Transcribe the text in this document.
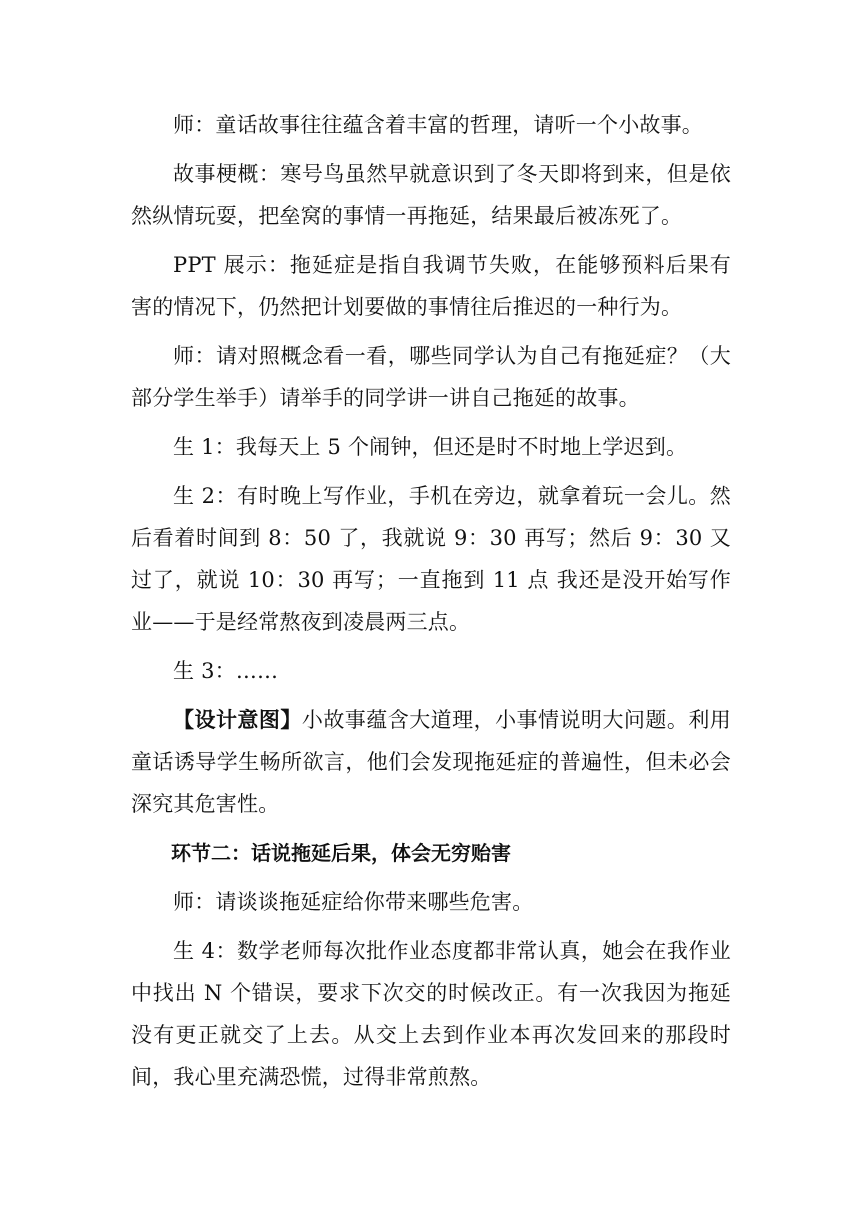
师：童话故事往往蕴含着丰富的哲理，请听一个小故事。

故事梗概：寒号鸟虽然早就意识到了冬天即将到来，但是依然纵情玩耍，把垒窝的事情一再拖延，结果最后被冻死了。

PPT 展示：拖延症是指自我调节失败，在能够预料后果有害的情况下，仍然把计划要做的事情往后推迟的一种行为。

师：请对照概念看一看，哪些同学认为自己有拖延症？（大部分学生举手）请举手的同学讲一讲自己拖延的故事。

生 1：我每天上 5 个闹钟，但还是时不时地上学迟到。

生 2：有时晚上写作业，手机在旁边，就拿着玩一会儿。然后看着时间到 8：50 了，我就说 9：30 再写；然后 9：30 又过了，就说 10：30 再写；一直拖到 11 点 我还是没开始写作业——于是经常熬夜到凌晨两三点。

生 3：……

【设计意图】小故事蕴含大道理，小事情说明大问题。利用童话诱导学生畅所欲言，他们会发现拖延症的普遍性，但未必会深究其危害性。

环节二：话说拖延后果，体会无穷贻害

师：请谈谈拖延症给你带来哪些危害。

生 4：数学老师每次批作业态度都非常认真，她会在我作业中找出 N 个错误，要求下次交的时候改正。有一次我因为拖延没有更正就交了上去。从交上去到作业本再次发回来的那段时间，我心里充满恐慌，过得非常煎熬。
